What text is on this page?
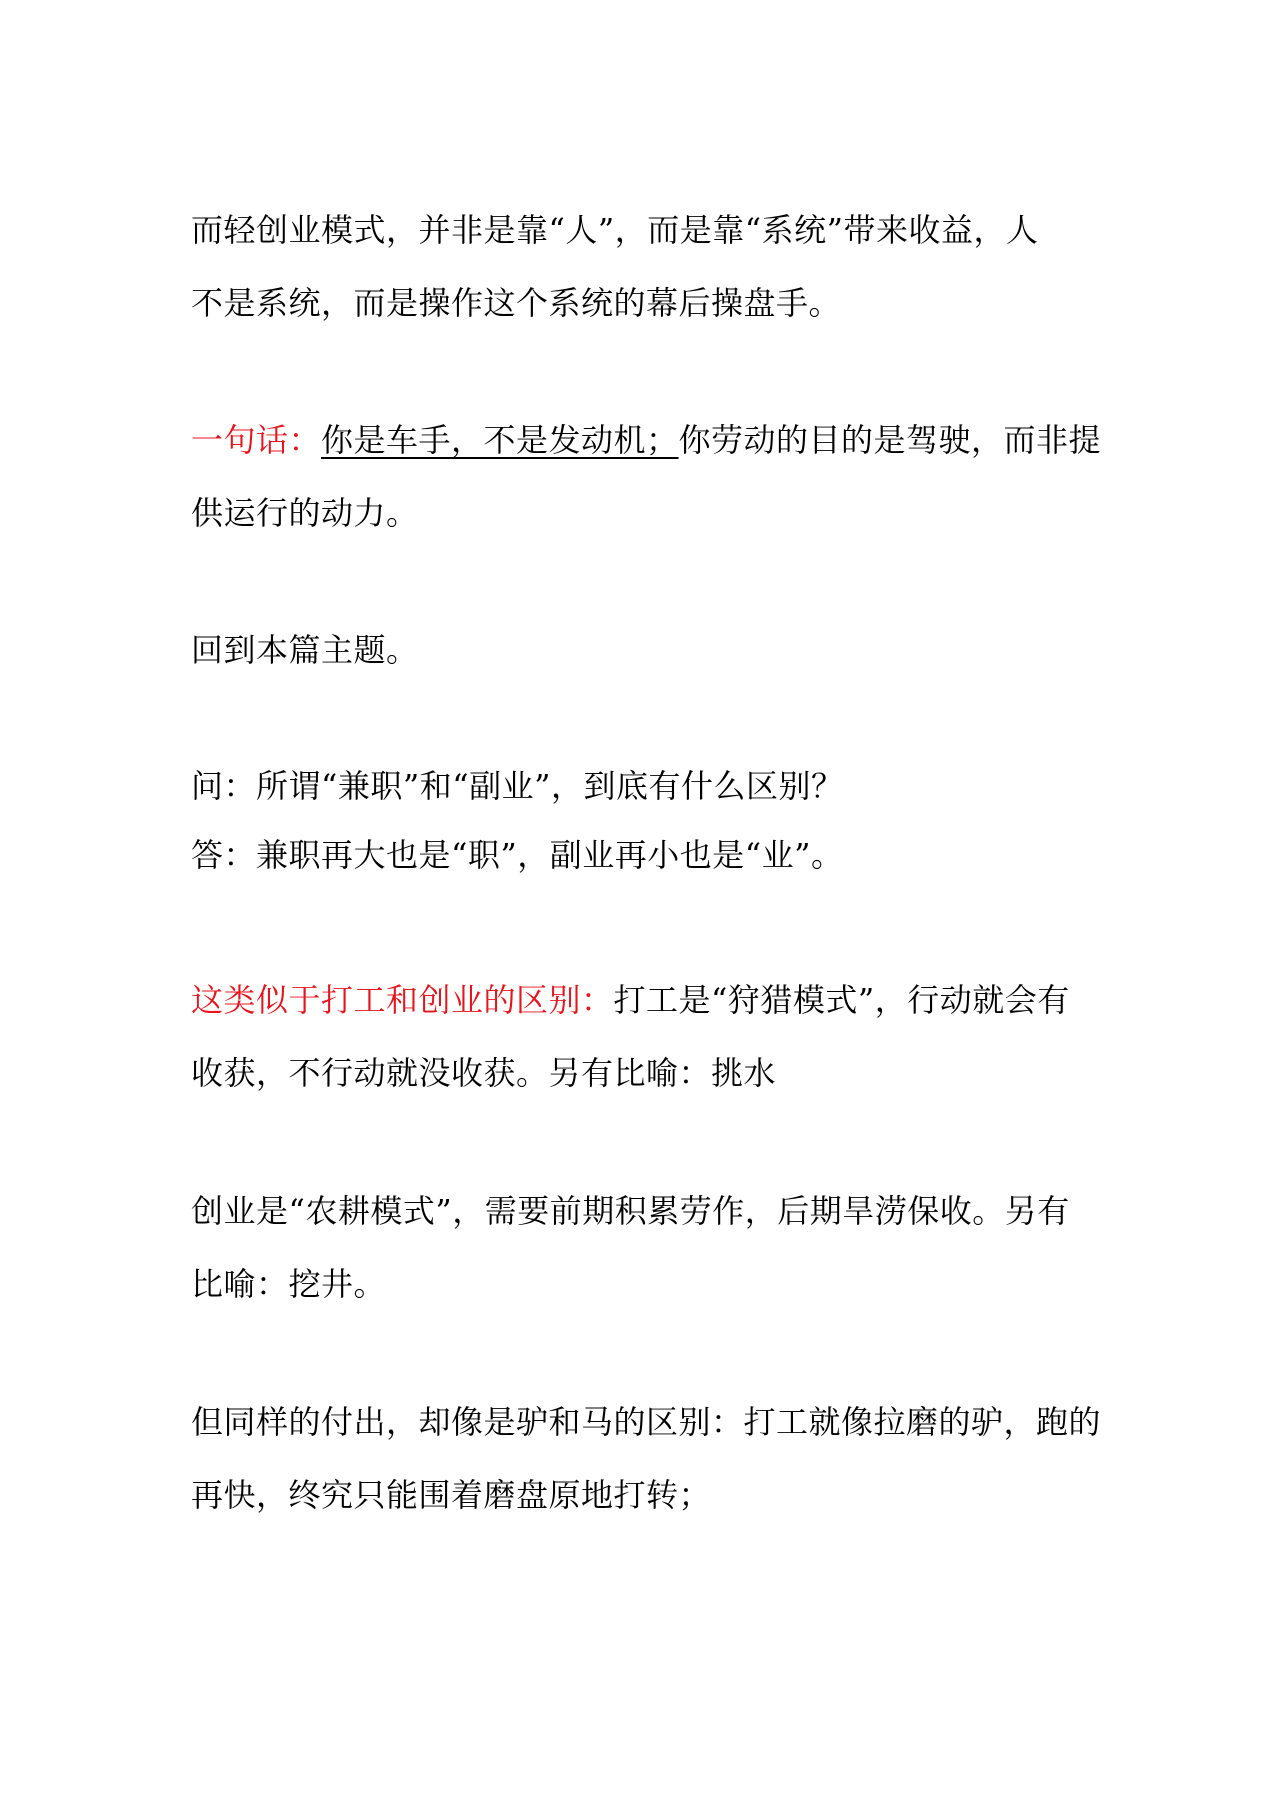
而轻创业模式，并非是靠“人”，而是靠“系统”带来收益，人
不是系统，而是操作这个系统的幕后操盘手。

一句话：你是车手，不是发动机；你劳动的目的是驾驶，而非提
供运行的动力。

回到本篇主题。

问：所谓“兼职”和“副业”，到底有什么区别？
答：兼职再大也是“职”，副业再小也是“业”。

这类似于打工和创业的区别：打工是“狩猎模式”，行动就会有
收获，不行动就没收获。另有比喻：挑水

创业是“农耕模式”，需要前期积累劳作，后期旱涝保收。另有
比喻：挖井。

但同样的付出，却像是驴和马的区别：打工就像拉磨的驴，跑的
再快，终究只能围着磨盘原地打转；
